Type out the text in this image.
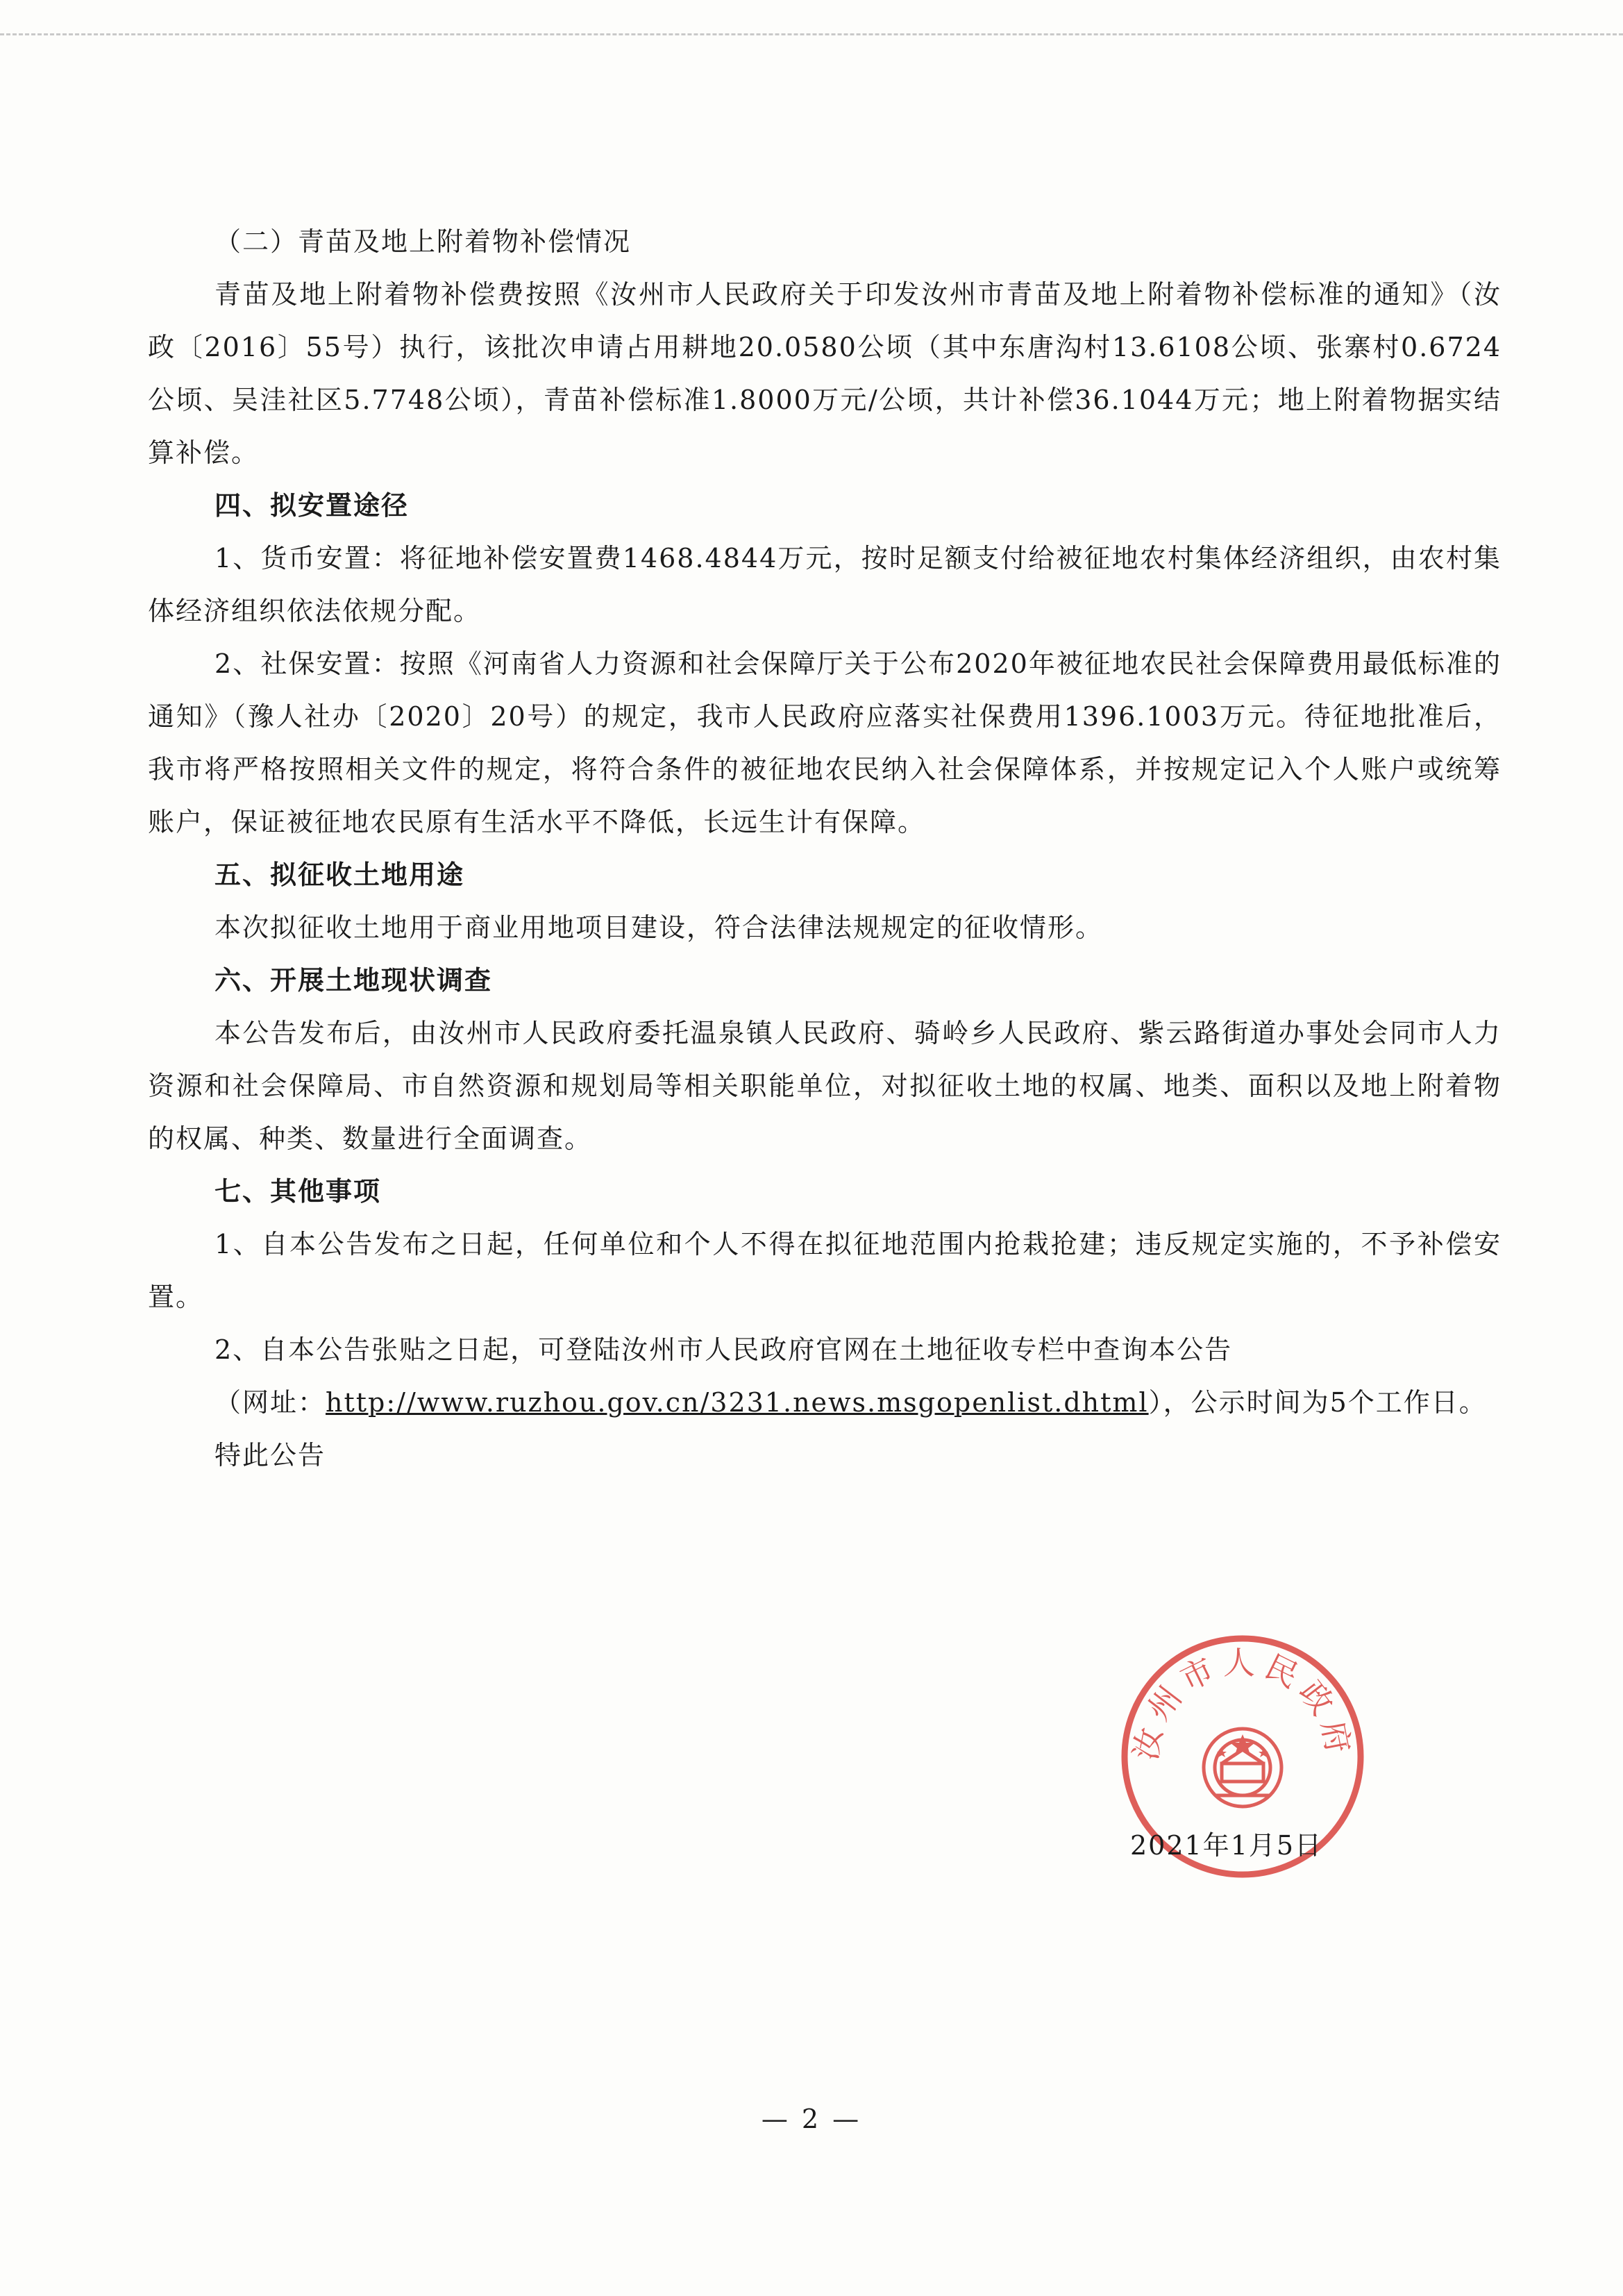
（二）青苗及地上附着物补偿情况

青苗及地上附着物补偿费按照《汝州市人民政府关于印发汝州市青苗及地上附着物补偿标准的通知》（汝政〔2016〕55号）执行，该批次申请占用耕地20.0580公顷（其中东唐沟村13.6108公顷、张寨村0.6724公顷、吴洼社区5.7748公顷），青苗补偿标准1.8000万元/公顷，共计补偿36.1044万元；地上附着物据实结算补偿。

四、拟安置途径

1、货币安置：将征地补偿安置费1468.4844万元，按时足额支付给被征地农村集体经济组织，由农村集体经济组织依法依规分配。

2、社保安置：按照《河南省人力资源和社会保障厅关于公布2020年被征地农民社会保障费用最低标准的通知》（豫人社办〔2020〕20号）的规定，我市人民政府应落实社保费用1396.1003万元。待征地批准后，我市将严格按照相关文件的规定，将符合条件的被征地农民纳入社会保障体系，并按规定记入个人账户或统筹账户，保证被征地农民原有生活水平不降低，长远生计有保障。

五、拟征收土地用途

本次拟征收土地用于商业用地项目建设，符合法律法规规定的征收情形。

六、开展土地现状调查

本公告发布后，由汝州市人民政府委托温泉镇人民政府、骑岭乡人民政府、紫云路街道办事处会同市人力资源和社会保障局、市自然资源和规划局等相关职能单位，对拟征收土地的权属、地类、面积以及地上附着物的权属、种类、数量进行全面调查。

七、其他事项

1、自本公告发布之日起，任何单位和个人不得在拟征地范围内抢栽抢建；违反规定实施的，不予补偿安置。

2、自本公告张贴之日起，可登陆汝州市人民政府官网在土地征收专栏中查询本公告

（网址：http://www.ruzhou.gov.cn/3231.news.msgopenlist.dhtml），公示时间为5个工作日。

特此公告

汝州市人民政府
2021年1月5日
— 2 —
